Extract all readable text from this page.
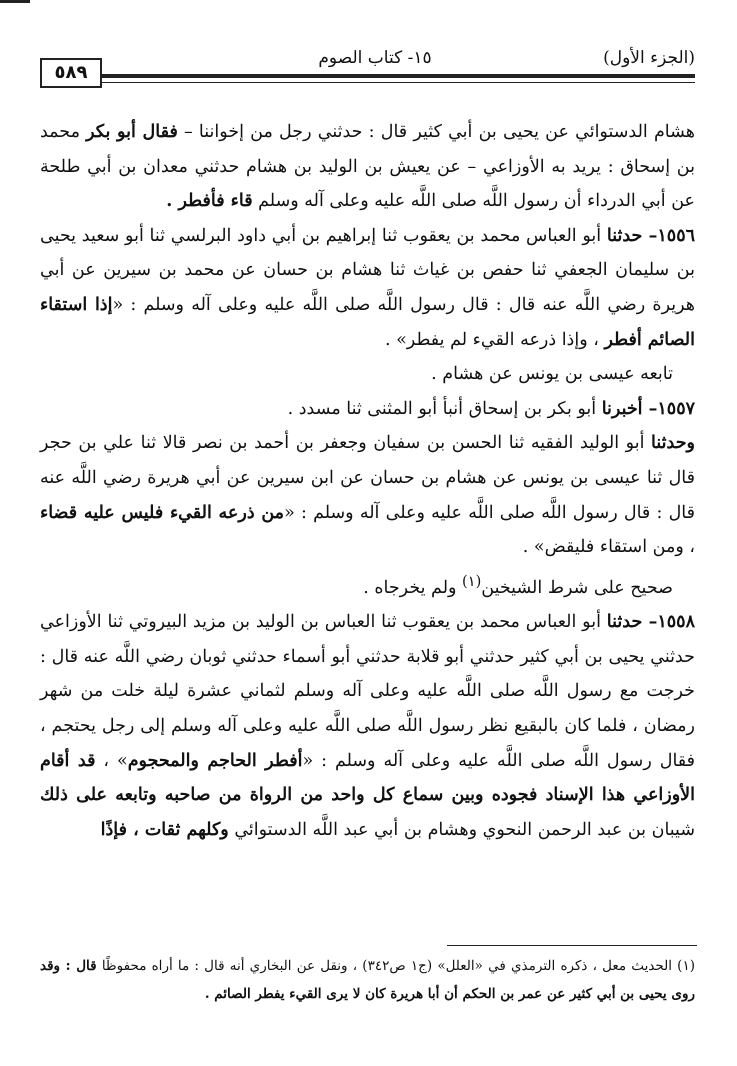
٥٨٩
١٥- كتاب الصوم	(الجزء الأول)

هشام الدستوائي عن يحيى بن أبي كثير قال : حدثني رجل من إخواننا – فقال أبو بكر محمد بن إسحاق : يريد به الأوزاعي – عن يعيش بن الوليد بن هشام حدثني معدان بن أبي طلحة عن أبي الدرداء أن رسول اللَّه صلى اللَّه عليه وعلى آله وسلم قاء فأفطر .

١٥٥٦– حدثنا أبو العباس محمد بن يعقوب ثنا إبراهيم بن أبي داود البرلسي ثنا أبو سعيد يحيى بن سليمان الجعفي ثنا حفص بن غياث ثنا هشام بن حسان عن محمد بن سيرين عن أبي هريرة رضي اللَّه عنه قال : قال رسول اللَّه صلى اللَّه عليه وعلى آله وسلم : «إذا استقاء الصائم أفطر ، وإذا ذرعه القيء لم يفطر» .

تابعه عيسى بن يونس عن هشام .

١٥٥٧– أخبرنا أبو بكر بن إسحاق أنبأ أبو المثنى ثنا مسدد .

وحدثنا أبو الوليد الفقيه ثنا الحسن بن سفيان وجعفر بن أحمد بن نصر قالا ثنا علي بن حجر قال ثنا عيسى بن يونس عن هشام بن حسان عن ابن سيرين عن أبي هريرة رضي اللَّه عنه قال : قال رسول اللَّه صلى اللَّه عليه وعلى آله وسلم : «من ذرعه القيء فليس عليه قضاء ، ومن استقاء فليقض» .

صحيح على شرط الشيخين$^{(١)}$ ولم يخرجاه .

١٥٥٨– حدثنا أبو العباس محمد بن يعقوب ثنا العباس بن الوليد بن مزيد البيروتي ثنا الأوزاعي حدثني يحيى بن أبي كثير حدثني أبو قلابة حدثني أبو أسماء حدثني ثوبان رضي اللَّه عنه قال : خرجت مع رسول اللَّه صلى اللَّه عليه وعلى آله وسلم لثماني عشرة ليلة خلت من شهر رمضان ، فلما كان بالبقيع نظر رسول اللَّه صلى اللَّه عليه وعلى آله وسلم إلى رجل يحتجم ، فقال رسول اللَّه صلى اللَّه عليه وعلى آله وسلم : «أفطر الحاجم والمحجوم» ، قد أقام الأوزاعي هذا الإسناد فجوده وبين سماع كل واحد من الرواة من صاحبه وتابعه على ذلك شيبان بن عبد الرحمن النحوي وهشام بن أبي عبد اللَّه الدستوائي وكلهم ثقات ، فإذًا

(١) الحديث معل ، ذكره الترمذي في «العلل» (ج١ ص٣٤٢) ، ونقل عن البخاري أنه قال : ما أراه محفوظًا قال : وقد روى يحيى بن أبي كثير عن عمر بن الحكم أن أبا هريرة كان لا يرى القيء يفطر الصائم .
